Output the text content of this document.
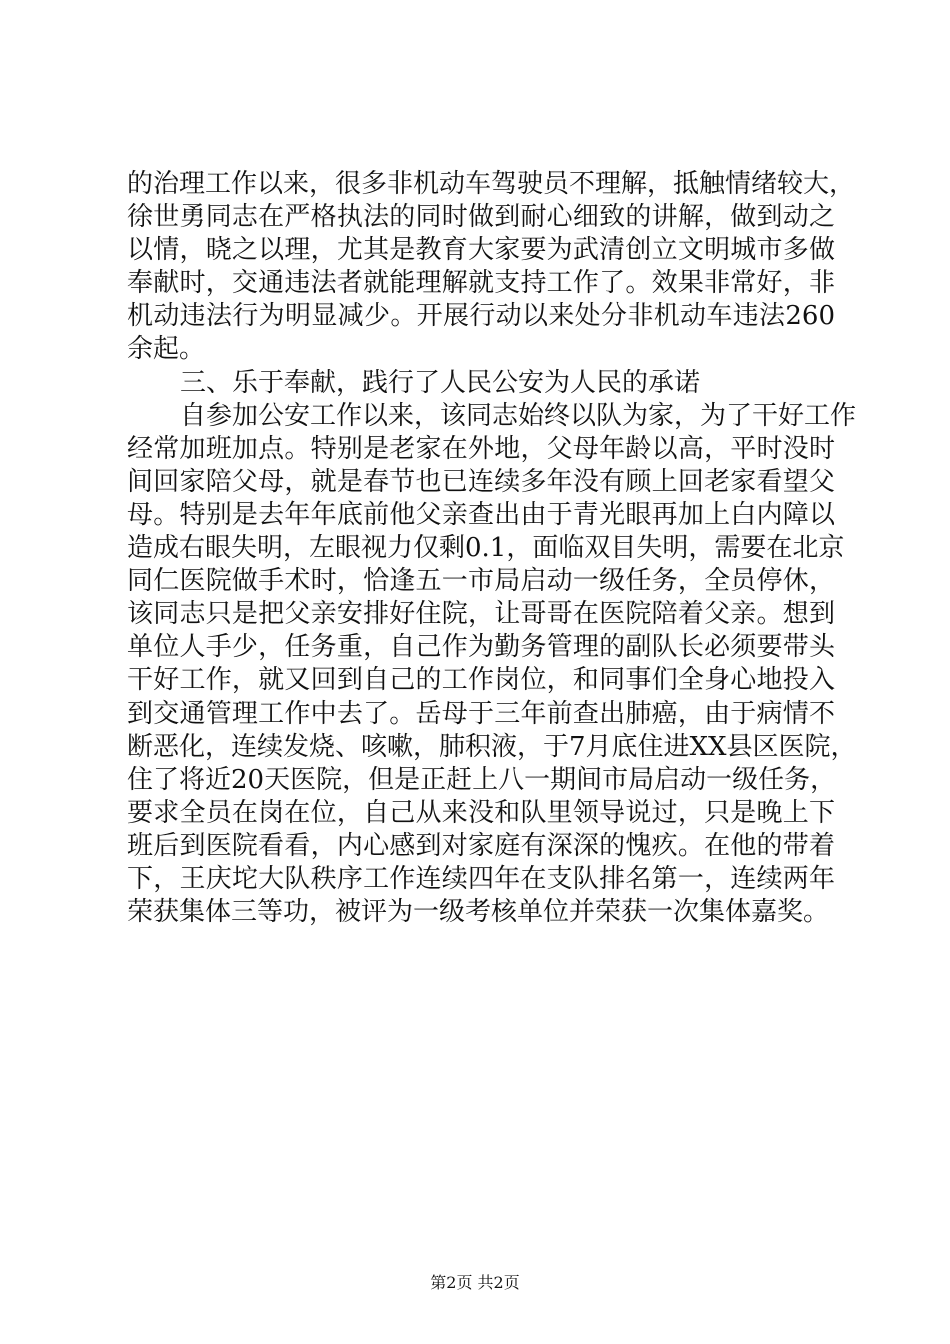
的治理工作以来，很多非机动车驾驶员不理解，抵触情绪较大，
徐世勇同志在严格执法的同时做到耐心细致的讲解，做到动之
以情，晓之以理，尤其是教育大家要为武清创立文明城市多做
奉献时，交通违法者就能理解就支持工作了。效果非常好，非
机动违法行为明显减少。开展行动以来处分非机动车违法260
余起。
三、乐于奉献，践行了人民公安为人民的承诺
自参加公安工作以来，该同志始终以队为家，为了干好工作
经常加班加点。特别是老家在外地，父母年龄以高，平时没时
间回家陪父母，就是春节也已连续多年没有顾上回老家看望父
母。特别是去年年底前他父亲查出由于青光眼再加上白内障以
造成右眼失明，左眼视力仅剩0.1，面临双目失明，需要在北京
同仁医院做手术时，恰逢五一市局启动一级任务，全员停休，
该同志只是把父亲安排好住院，让哥哥在医院陪着父亲。想到
单位人手少，任务重，自己作为勤务管理的副队长必须要带头
干好工作，就又回到自己的工作岗位，和同事们全身心地投入
到交通管理工作中去了。岳母于三年前查出肺癌，由于病情不
断恶化，连续发烧、咳嗽，肺积液，于7月底住进XX县区医院，
住了将近20天医院，但是正赶上八一期间市局启动一级任务，
要求全员在岗在位，自己从来没和队里领导说过，只是晚上下
班后到医院看看，内心感到对家庭有深深的愧疚。在他的带着
下，王庆坨大队秩序工作连续四年在支队排名第一，连续两年
荣获集体三等功，被评为一级考核单位并荣获一次集体嘉奖。
第2页 共2页
